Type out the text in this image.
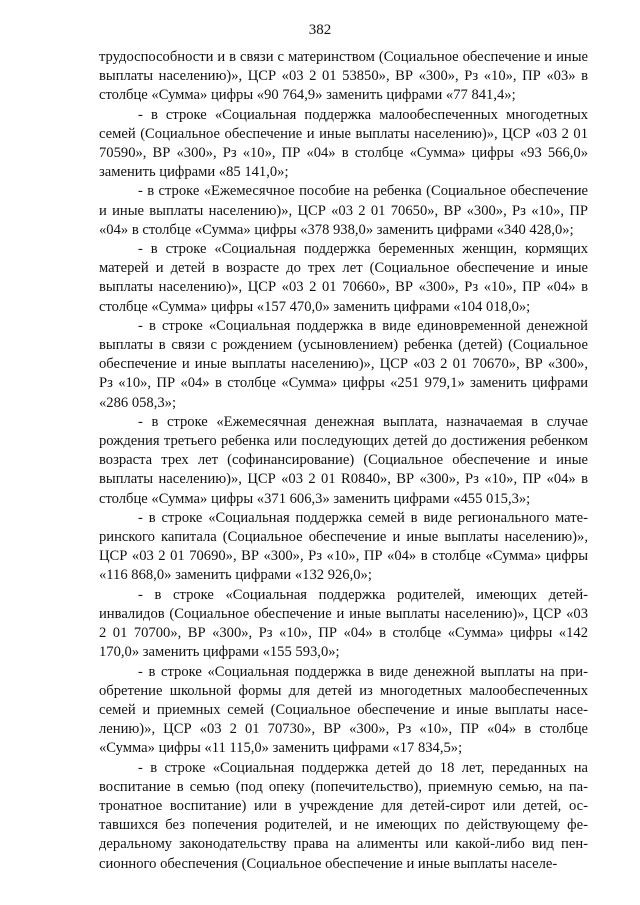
382

трудоспособности и в связи с материнством (Социальное обеспечение и иные выплаты населению)», ЦСР «03 2 01 53850», ВР «300», Рз «10», ПР «03» в столбце «Сумма» цифры «90 764,9» заменить цифрами «77 841,4»;

- в строке «Социальная поддержка малообеспеченных многодетных семей (Социальное обеспечение и иные выплаты населению)», ЦСР «03 2 01 70590», ВР «300», Рз «10», ПР «04» в столбце «Сумма» цифры «93 566,0» заменить цифрами «85 141,0»;

- в строке «Ежемесячное пособие на ребенка (Социальное обеспечение и иные выплаты населению)», ЦСР «03 2 01 70650», ВР «300», Рз «10», ПР «04» в столбце «Сумма» цифры «378 938,0» заменить цифрами «340 428,0»;

- в строке «Социальная поддержка беременных женщин, кормящих матерей и детей в возрасте до трех лет (Социальное обеспечение и иные выплаты населению)», ЦСР «03 2 01 70660», ВР «300», Рз «10», ПР «04» в столбце «Сумма» цифры «157 470,0» заменить цифрами «104 018,0»;

- в строке «Социальная поддержка в виде единовременной денежной выплаты в связи с рождением (усыновлением) ребенка (детей) (Социальное обеспечение и иные выплаты населению)», ЦСР «03 2 01 70670», ВР «300», Рз «10», ПР «04» в столбце «Сумма» цифры «251 979,1» заменить цифрами «286 058,3»;

- в строке «Ежемесячная денежная выплата, назначаемая в случае рождения третьего ребенка или последующих детей до достижения ребенком возраста трех лет (софинансирование) (Социальное обеспечение и иные выплаты населению)», ЦСР «03 2 01 R0840», ВР «300», Рз «10», ПР «04» в столбце «Сумма» цифры «371 606,3» заменить цифрами «455 015,3»;

- в строке «Социальная поддержка семей в виде регионального материнского капитала (Социальное обеспечение и иные выплаты населению)», ЦСР «03 2 01 70690», ВР «300», Рз «10», ПР «04» в столбце «Сумма» цифры «116 868,0» заменить цифрами «132 926,0»;

- в строке «Социальная поддержка родителей, имеющих детей-инвалидов (Социальное обеспечение и иные выплаты населению)», ЦСР «03 2 01 70700», ВР «300», Рз «10», ПР «04» в столбце «Сумма» цифры «142 170,0» заменить цифрами «155 593,0»;

- в строке «Социальная поддержка в виде денежной выплаты на приобретение школьной формы для детей из многодетных малообеспеченных семей и приемных семей (Социальное обеспечение и иные выплаты населению)», ЦСР «03 2 01 70730», ВР «300», Рз «10», ПР «04» в столбце «Сумма» цифры «11 115,0» заменить цифрами «17 834,5»;

- в строке «Социальная поддержка детей до 18 лет, переданных на воспитание в семью (под опеку (попечительство), приемную семью, на патронатное воспитание) или в учреждение для детей-сирот или детей, оставшихся без попечения родителей, и не имеющих по действующему федеральному законодательству права на алименты или какой-либо вид пенсионного обеспечения (Социальное обеспечение и иные выплаты населе-
